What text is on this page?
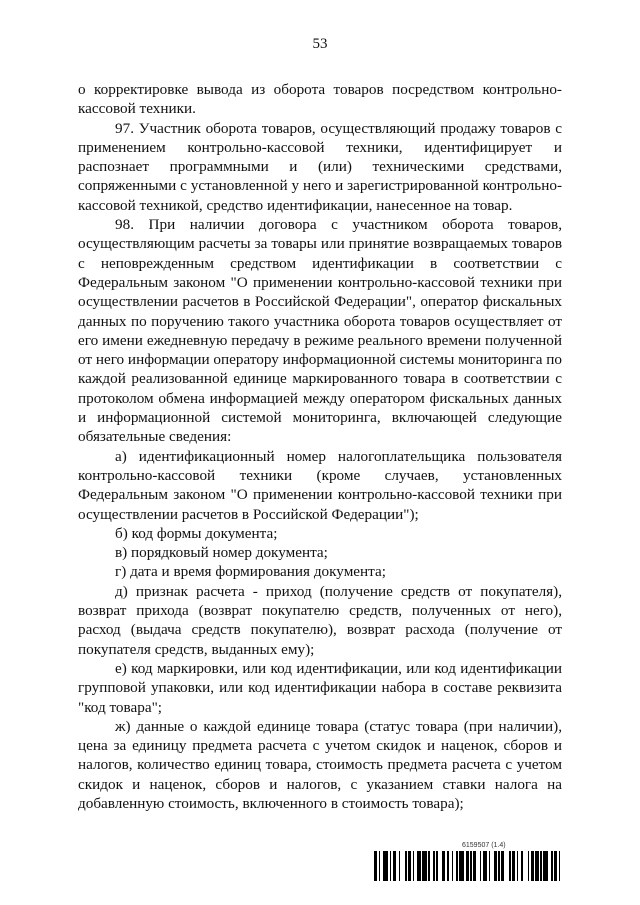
53

о корректировке вывода из оборота товаров посредством контрольно-кассовой техники.

97. Участник оборота товаров, осуществляющий продажу товаров с применением контрольно-кассовой техники, идентифицирует и распознает программными и (или) техническими средствами, сопряженными с установленной у него и зарегистрированной контрольно-кассовой техникой, средство идентификации, нанесенное на товар.

98. При наличии договора с участником оборота товаров, осуществляющим расчеты за товары или принятие возвращаемых товаров с неповрежденным средством идентификации в соответствии с Федеральным законом "О применении контрольно-кассовой техники при осуществлении расчетов в Российской Федерации", оператор фискальных данных по поручению такого участника оборота товаров осуществляет от его имени ежедневную передачу в режиме реального времени полученной от него информации оператору информационной системы мониторинга по каждой реализованной единице маркированного товара в соответствии с протоколом обмена информацией между оператором фискальных данных и информационной системой мониторинга, включающей следующие обязательные сведения:

а) идентификационный номер налогоплательщика пользователя контрольно-кассовой техники (кроме случаев, установленных Федеральным законом "О применении контрольно-кассовой техники при осуществлении расчетов в Российской Федерации");

б) код формы документа;

в) порядковый номер документа;

г) дата и время формирования документа;

д) признак расчета - приход (получение средств от покупателя), возврат прихода (возврат покупателю средств, полученных от него), расход (выдача средств покупателю), возврат расхода (получение от покупателя средств, выданных ему);

е) код маркировки, или код идентификации, или код идентификации групповой упаковки, или код идентификации набора в составе реквизита "код товара";

ж) данные о каждой единице товара (статус товара (при наличии), цена за единицу предмета расчета с учетом скидок и наценок, сборов и налогов, количество единиц товара, стоимость предмета расчета с учетом скидок и наценок, сборов и налогов, с указанием ставки налога на добавленную стоимость, включенного в стоимость товара);

6159507 (1.4)
